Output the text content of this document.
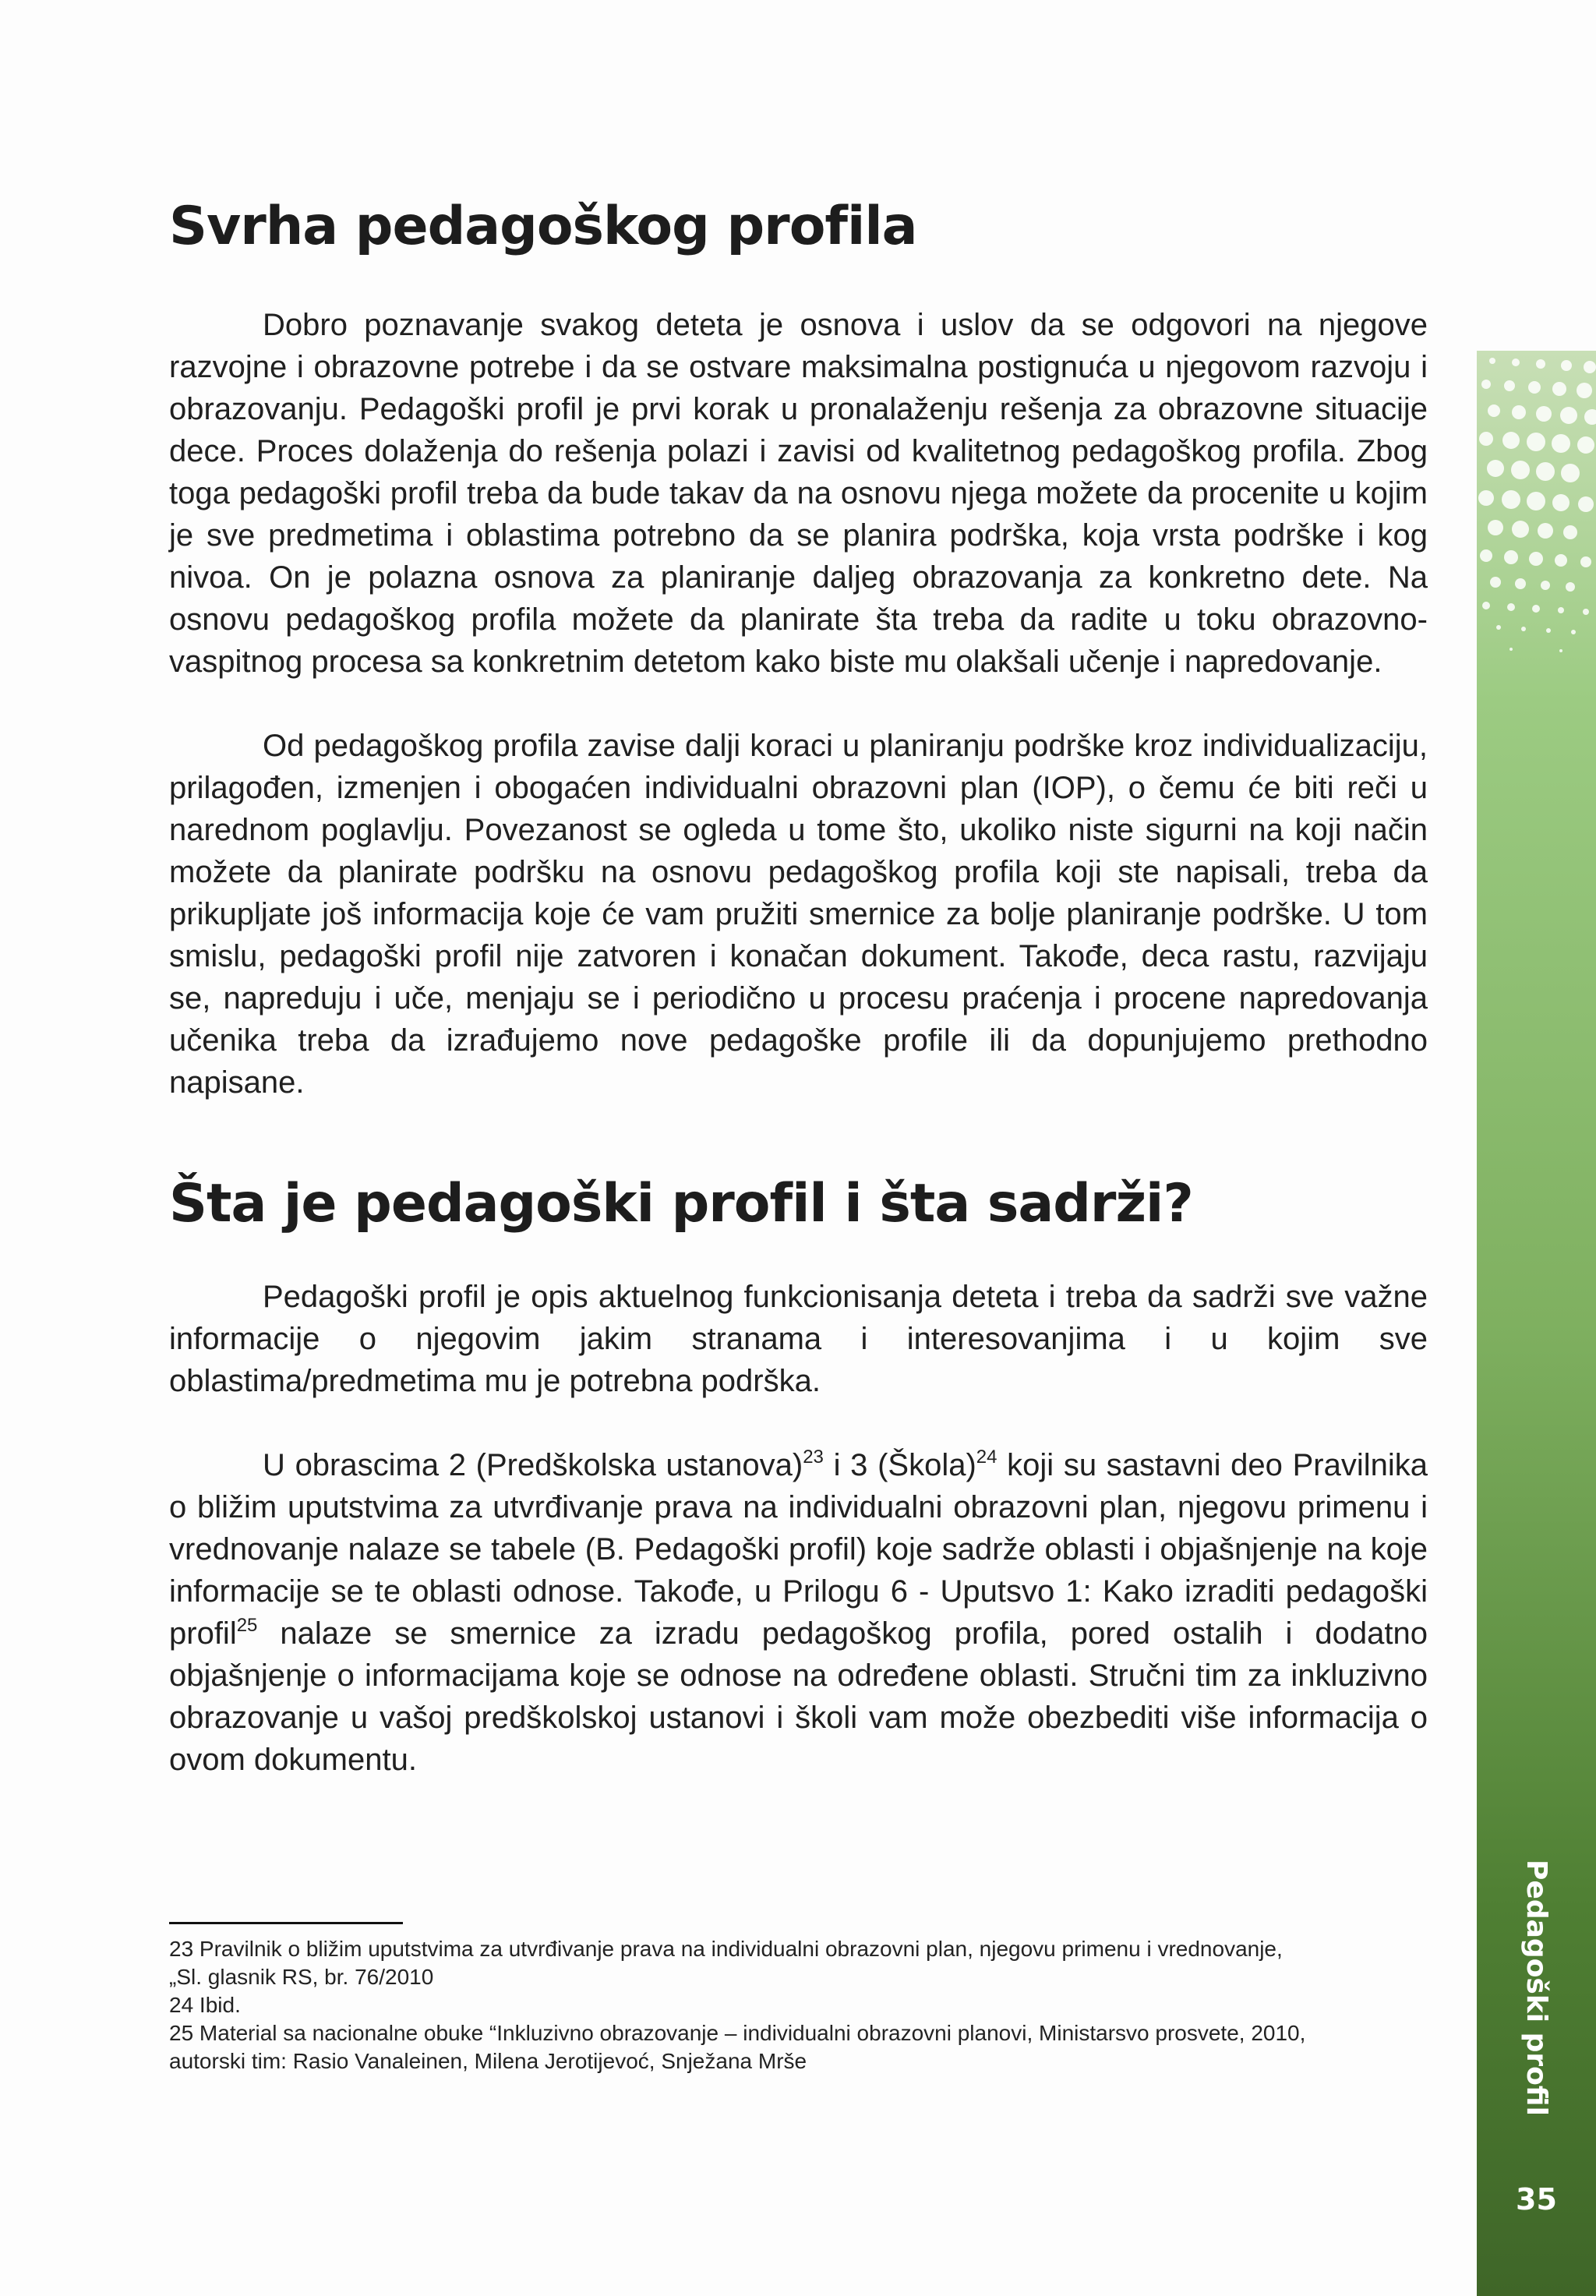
Svrha pedagoškog profila

Dobro poznavanje svakog deteta je osnova i uslov da se odgovori na njegove razvojne i obrazovne potrebe i da se ostvare maksimalna postignuća u njegovom razvoju i obrazovanju. Pedagoški profil je prvi korak u pronalaženju rešenja za obrazovne situacije dece. Proces dolaženja do rešenja polazi i zavisi od kvalitetnog pedagoškog profila. Zbog toga pedagoški profil treba da bude takav da na osnovu njega možete da procenite u kojim je sve predmetima i oblastima potrebno da se planira podrška, koja vrsta podrške i kog nivoa. On je polazna osnova za planiranje daljeg obrazovanja za konkretno dete. Na osnovu pedagoškog profila možete da planirate šta treba da radite u toku obrazovno-vaspitnog procesa sa konkretnim detetom kako biste mu olakšali učenje i napredovanje.

Od pedagoškog profila zavise dalji koraci u planiranju podrške kroz individualizaciju, prilagođen, izmenjen i obogaćen individualni obrazovni plan (IOP), o čemu će biti reči u narednom poglavlju. Povezanost se ogleda u tome što, ukoliko niste sigurni na koji način možete da planirate podršku na osnovu pedagoškog profila koji ste napisali, treba da prikupljate još informacija koje će vam pružiti smernice za bolje planiranje podrške. U tom smislu, pedagoški profil nije zatvoren i konačan dokument. Takođe, deca rastu, razvijaju se, napreduju i uče, menjaju se i periodično u procesu praćenja i procene napredovanja učenika treba da izrađujemo nove pedagoške profile ili da dopunjujemo prethodno napisane.

Šta je pedagoški profil i šta sadrži?

Pedagoški profil je opis aktuelnog funkcionisanja deteta i treba da sadrži sve važne informacije o njegovim jakim stranama i interesovanjima i u kojim sve oblastima/predmetima mu je potrebna podrška.

U obrascima 2 (Predškolska ustanova)$^{23}$ i 3 (Škola)$^{24}$ koji su sastavni deo Pravilnika o bližim uputstvima za utvrđivanje prava na individualni obrazovni plan, njegovu primenu i vrednovanje nalaze se tabele (B. Pedagoški profil) koje sadrže oblasti i objašnjenje na koje informacije se te oblasti odnose. Takođe, u Prilogu 6 - Uputsvo 1: Kako izraditi pedagoški profil$^{25}$ nalaze se smernice za izradu pedagoškog profila, pored ostalih i dodatno objašnjenje o informacijama koje se odnose na određene oblasti. Stručni tim za inkluzivno obrazovanje u vašoj predškolskoj ustanovi i školi vam može obezbediti više informacija o ovom dokumentu.

23 Pravilnik o bližim uputstvima za utvrđivanje prava na individualni obrazovni plan, njegovu primenu i vrednovanje,

„Sl. glasnik RS, br. 76/2010

24 Ibid.

25 Material sa nacionalne obuke “Inkluzivno obrazovanje – individualni obrazovni planovi, Ministarsvo prosvete, 2010,

autorski tim: Rasio Vanaleinen, Milena Jerotijevoć, Snježana Mrše	Pedagoški profil
35
